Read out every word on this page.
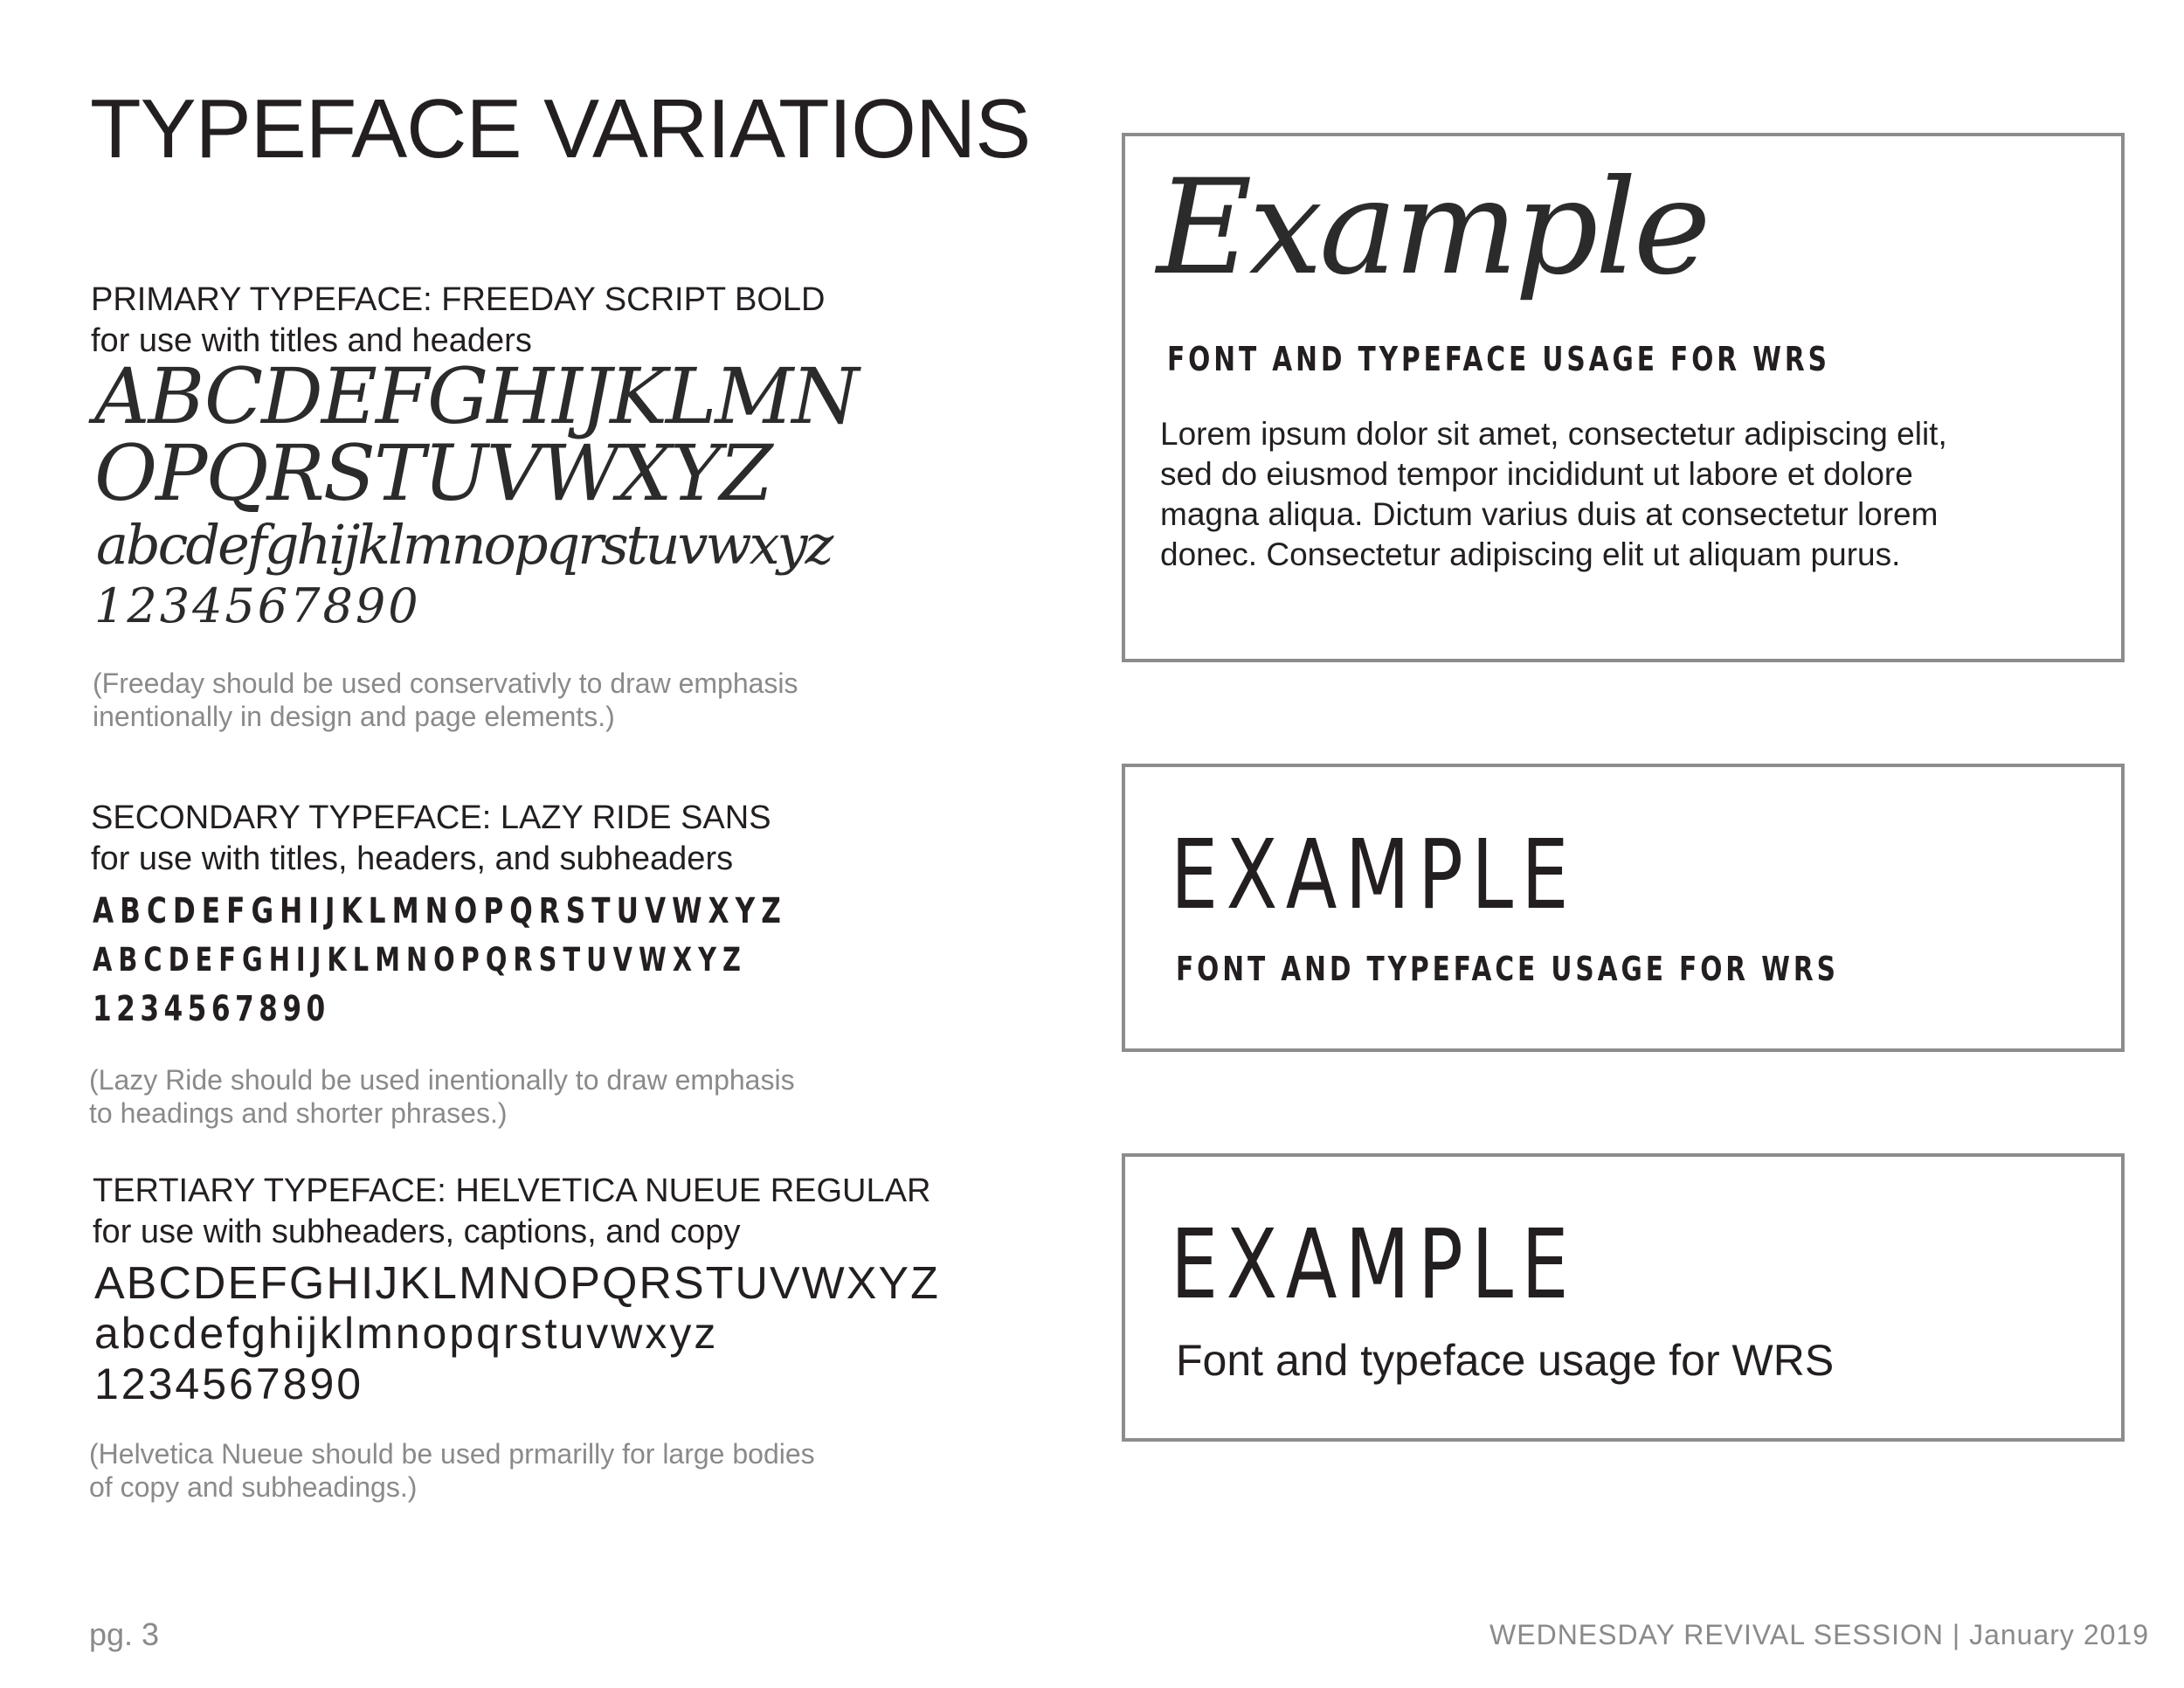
TYPEFACE VARIATIONS
PRIMARY TYPEFACE: FREEDAY SCRIPT BOLD
for use with titles and headers
ABCDEFGHIJKLMN
OPQRSTUVWXYZ
abcdefghijklmnopqrstuvwxyz
1234567890
(Freeday should be used conservativly to draw emphasis
inentionally in design and page elements.)
SECONDARY TYPEFACE: LAZY RIDE SANS
for use with titles, headers, and subheaders
ABCDEFGHIJKLMNOPQRSTUVWXYZ
ABCDEFGHIJKLMNOPQRSTUVWXYZ
1234567890
(Lazy Ride should be used inentionally to draw emphasis
to headings and shorter phrases.)
TERTIARY TYPEFACE: HELVETICA NUEUE REGULAR
for use with subheaders, captions, and copy
ABCDEFGHIJKLMNOPQRSTUVWXYZ
abcdefghijklmnopqrstuvwxyz
1234567890
(Helvetica Nueue should be used prmarilly for large bodies
of copy and subheadings.)
Example
FONT AND TYPEFACE USAGE FOR WRS
Lorem ipsum dolor sit amet, consectetur adipiscing elit,
sed do eiusmod tempor incididunt ut labore et dolore
magna aliqua. Dictum varius duis at consectetur lorem
donec. Consectetur adipiscing elit ut aliquam purus.
EXAMPLE
FONT AND TYPEFACE USAGE FOR WRS
EXAMPLE
Font and typeface usage for WRS
pg. 3	WEDNESDAY REVIVAL SESSION | January 2019
